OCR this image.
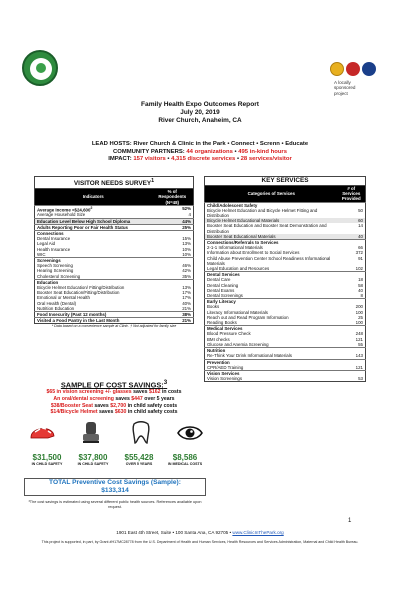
A locally sponsored project
Family Health Expo Outcomes Report
July 20, 2019
River Church, Anaheim, CA
LEAD HOSTS: River Church & Clinic in the Park • Connect • Screnn • Educate
COMMUNITY PARTNERS: 44 organizations • 495 in-kind hours
IMPACT: 157 visitors • 4,315 discrete services • 28 services/visitor
VISITOR NEEDS SURVEY$^1$
Indicators	% of Respondents (N=48)
Average Income $<\$24,600^2$	52%
Average Household Size	4
Education Level Below High School Diploma	44%
Adults Reporting Poor or Fair Health Status	25%
Connections	
Dental Insurance	15%
Legal Aid	13%
Health Insurance	10%
WIC	10%
Screenings	
Speech Screening	46%
Hearing Screening	42%
Cholesterol Screening	35%
Education	
Bicycle Helmet Education/ Fitting/Distribution	13%
Booster Seat Education/Fitting/Distribution	17%
Emotional or Mental Health	17%
Oral Health (Dental)	40%
Nutrition Education	21%
Food Insecurity (Past 12 months)	38%
Visited a Food Pantry in the Last Month	21%
* Data based on a convenience sample at Clinic. † Not adjusted for family size
KEY SERVICES
Categories of Services	# of Services Provided
Child/Adolescent Safety	
Bicycle Helmet Education and Bicycle Helmet Fitting and Distribution	50
Bicycle Helmet Educational Materials	60
Booster Seat Education and Booster Seat Demonstration and Distribution	14
Booster Seat Educational Materials	40
Connections/Referrals to Services	
2-1-1 Informational Materials	66
Information about Enrollment to Social Services	372
Child Abuse Prevention Center School Readiness Informational Materials	91
Legal Education and Resources	102
Dental Services	
Dental Care	18
Dental Cleaning	58
Dental Exams	40
Dental Screenings	8
Early Literacy	
Books	200
Literacy Informational Materials	100
Reach out and Read Program Information	25
Reading Books	100
Medical Services	
Blood Pressure Check	248
BMI checks	121
Glucose and Anemia Screening	55
Nutrition	
Re-Think Your Drink Informational Materials	143
Prevention	
CPR/AED Training	121
Vision Services	
Vision Screenings	53
SAMPLE OF COST SAVINGS:$^3$
$65 in vision screening +/- glasses saves $162 in costs
An oral/dental screening saves $447 over 5 years
$38/Booster Seat saves $2,700 in child safety costs
$14/Bicycle Helmet saves $630 in child safety costs
$31,500
IN CHILD SAFETY
$37,800
IN CHILD SAFETY
$55,428
OVER 5 YEARS
$8,586
IN MEDICAL COSTS
TOTAL Preventive Cost Savings (Sample):
$133,314
³The cost savings is estimated using several different public health sources. References available upon request.
1
1901 East 4th Street, Suite • 100 Santa Ana, CA 92705 • www.ClinicInThePark.org
This project is supported, in part, by Grant #H17MC28778 from the U.S. Department of Health and Human Services, Health Resources and Services Administration, Maternal and Child Health Bureau.
